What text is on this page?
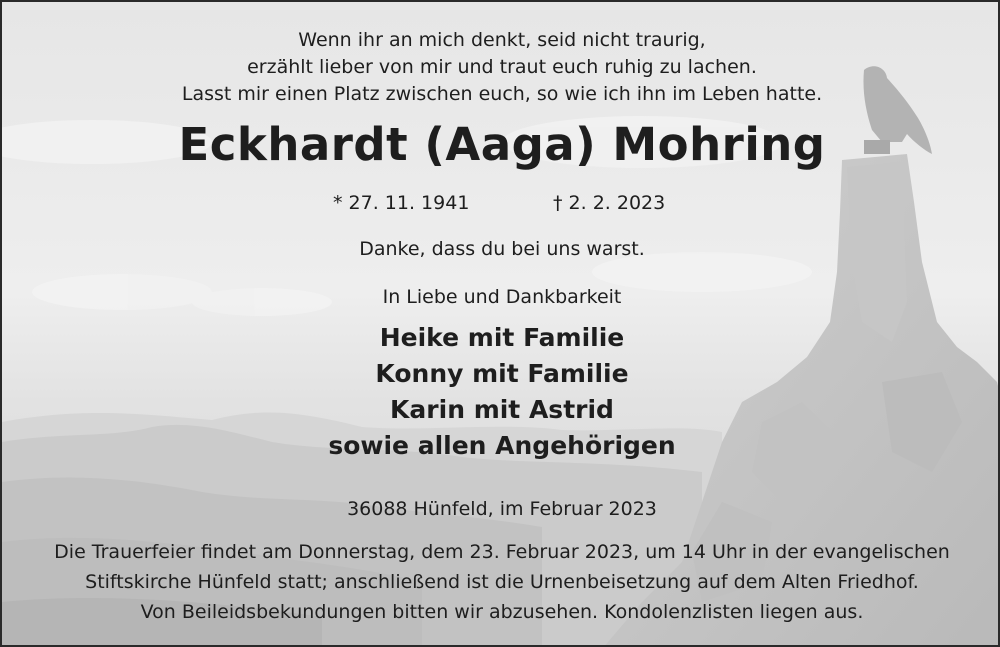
Wenn ihr an mich denkt, seid nicht traurig,
erzählt lieber von mir und traut euch ruhig zu lachen.
Lasst mir einen Platz zwischen euch, so wie ich ihn im Leben hatte.
Eckhardt (Aaga) Mohring
* 27. 11. 1941	† 2. 2. 2023
Danke, dass du bei uns warst.
In Liebe und Dankbarkeit
Heike mit Familie
Konny mit Familie
Karin mit Astrid
sowie allen Angehörigen
36088 Hünfeld, im Februar 2023
Die Trauerfeier findet am Donnerstag, dem 23. Februar 2023, um 14 Uhr in der evangelischen
Stiftskirche Hünfeld statt; anschließend ist die Urnenbeisetzung auf dem Alten Friedhof.
Von Beileidsbekundungen bitten wir abzusehen. Kondolenzlisten liegen aus.
